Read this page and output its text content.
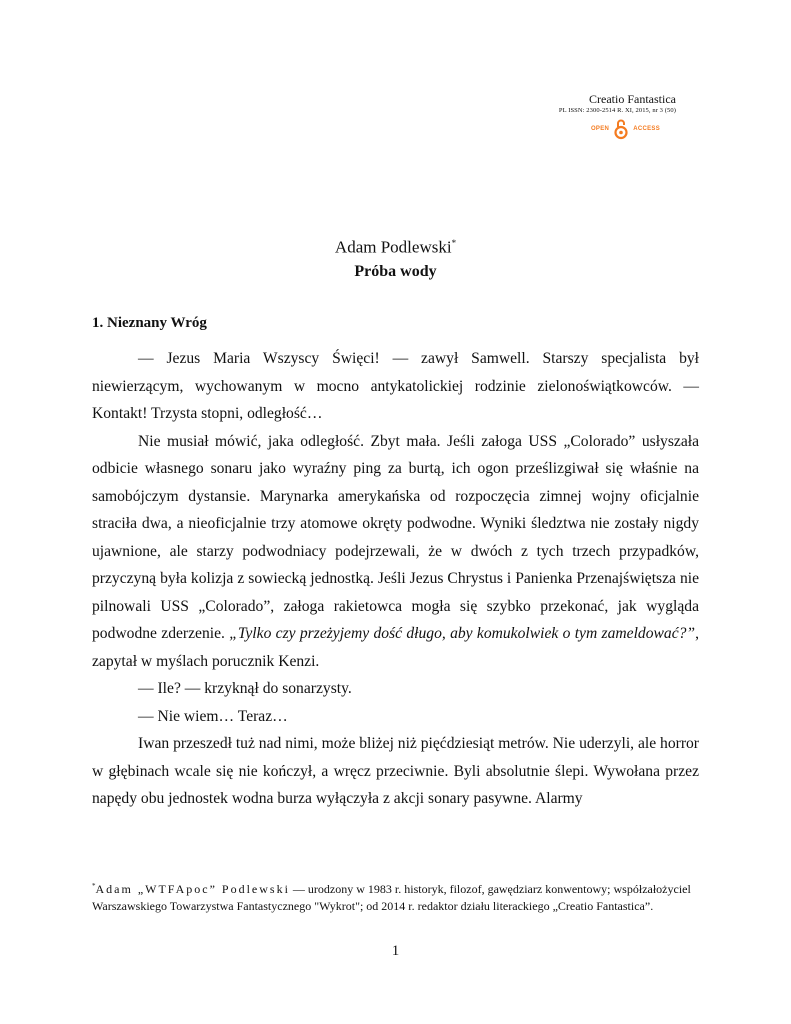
Creatio Fantastica
PL ISSN: 2300-2514 R. XI, 2015, nr 3 (50)
OPEN	ACCESS
Adam Podlewski*
Próba wody
1. Nieznany Wróg

— Jezus Maria Wszyscy Święci! — zawył Samwell. Starszy specjalista był niewierzącym, wychowanym w mocno antykatolickiej rodzinie zielonoświątkowców. — Kontakt! Trzysta stopni, odległość…

Nie musiał mówić, jaka odległość. Zbyt mała. Jeśli załoga USS „Colorado” usłyszała odbicie własnego sonaru jako wyraźny ping za burtą, ich ogon prześlizgiwał się właśnie na samobójczym dystansie. Marynarka amerykańska od rozpoczęcia zimnej wojny oficjalnie straciła dwa, a nieoficjalnie trzy atomowe okręty podwodne. Wyniki śledztwa nie zostały nigdy ujawnione, ale starzy podwodniacy podejrzewali, że w dwóch z tych trzech przypadków, przyczyną była kolizja z sowiecką jednostką. Jeśli Jezus Chrystus i Panienka Przenajświętsza nie pilnowali USS „Colorado”, załoga rakietowca mogła się szybko przekonać, jak wygląda podwodne zderzenie. „Tylko czy przeżyjemy dość długo, aby komukolwiek o tym zameldować?”, zapytał w myślach porucznik Kenzi.

— Ile? — krzyknął do sonarzysty.

— Nie wiem… Teraz…

Iwan przeszedł tuż nad nimi, może bliżej niż pięćdziesiąt metrów. Nie uderzyli, ale horror w głębinach wcale się nie kończył, a wręcz przeciwnie. Byli absolutnie ślepi. Wywołana przez napędy obu jednostek wodna burza wyłączyła z akcji sonary pasywne. Alarmy

*Adam „WTFApoc” Podlewski — urodzony w 1983 r. historyk, filozof, gawędziarz konwentowy; współzałożyciel Warszawskiego Towarzystwa Fantastycznego "Wykrot"; od 2014 r. redaktor działu literackiego „Creatio Fantastica”.
1
